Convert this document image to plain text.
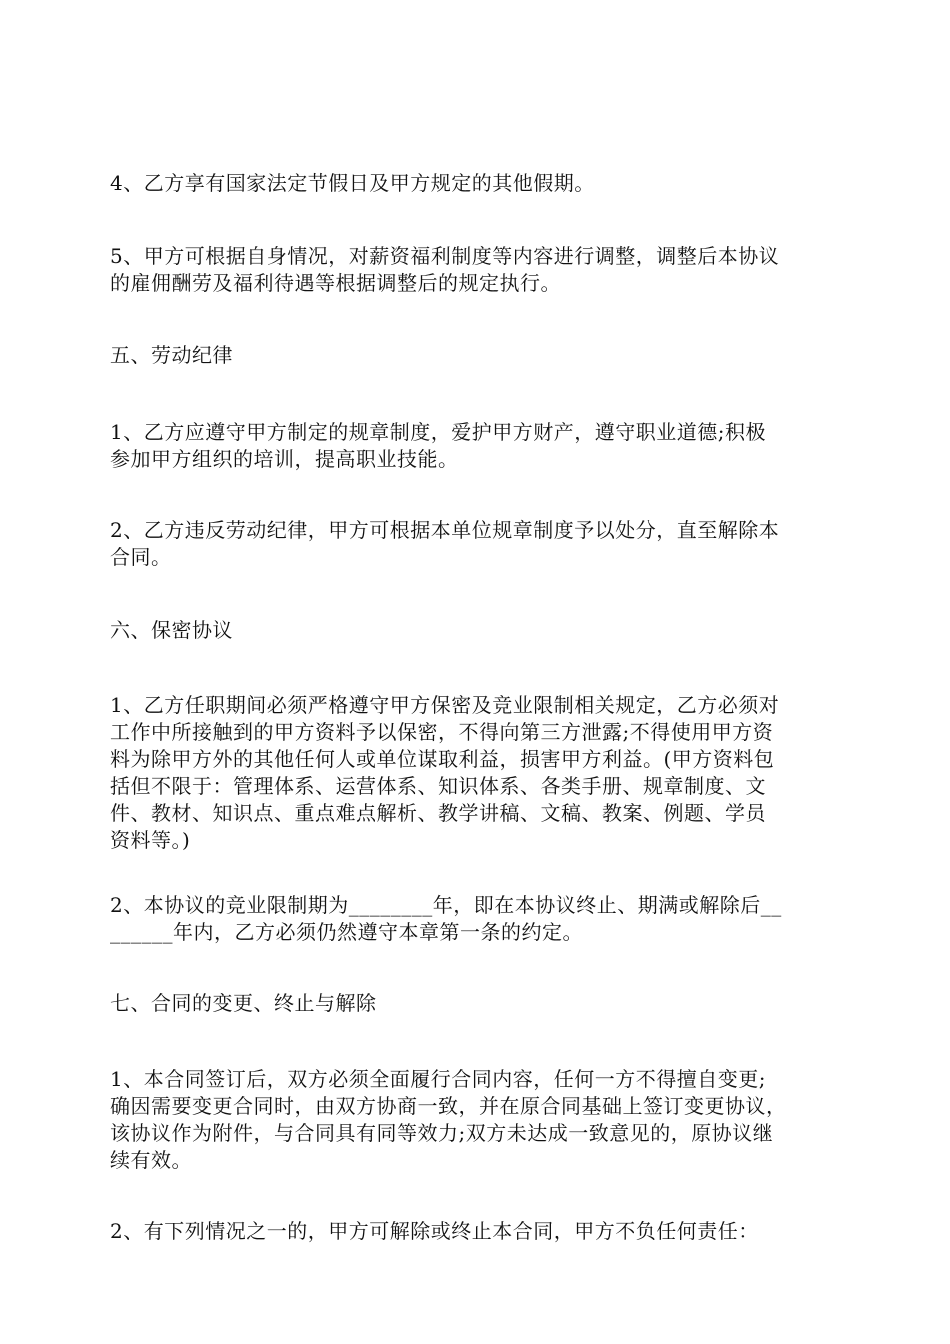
4、乙方享有国家法定节假日及甲方规定的其他假期。
5、甲方可根据自身情况，对薪资福利制度等内容进行调整，调整后本协议
的雇佣酬劳及福利待遇等根据调整后的规定执行。
五、劳动纪律
1、乙方应遵守甲方制定的规章制度，爱护甲方财产，遵守职业道德;积极
参加甲方组织的培训，提高职业技能。
2、乙方违反劳动纪律，甲方可根据本单位规章制度予以处分，直至解除本
合同。
六、保密协议
1、乙方任职期间必须严格遵守甲方保密及竞业限制相关规定，乙方必须对
工作中所接触到的甲方资料予以保密，不得向第三方泄露;不得使用甲方资
料为除甲方外的其他任何人或单位谋取利益，损害甲方利益。(甲方资料包
括但不限于：管理体系、运营体系、知识体系、各类手册、规章制度、文
件、教材、知识点、重点难点解析、教学讲稿、文稿、教案、例题、学员
资料等。)
2、本协议的竞业限制期为________年，即在本协议终止、期满或解除后__
______年内，乙方必须仍然遵守本章第一条的约定。
七、合同的变更、终止与解除
1、本合同签订后，双方必须全面履行合同内容，任何一方不得擅自变更;
确因需要变更合同时，由双方协商一致，并在原合同基础上签订变更协议，
该协议作为附件，与合同具有同等效力;双方未达成一致意见的，原协议继
续有效。
2、有下列情况之一的，甲方可解除或终止本合同，甲方不负任何责任：
